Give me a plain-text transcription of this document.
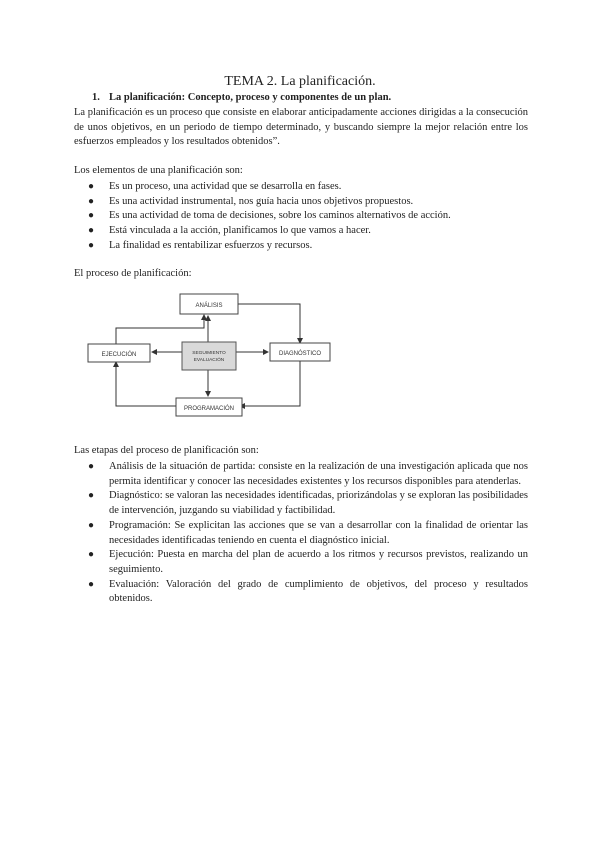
TEMA 2. La planificación.

1. La planificación: Concepto, proceso y componentes de un plan.

La planificación es un proceso que consiste en elaborar anticipadamente acciones dirigidas a la consecución de unos objetivos, en un periodo de tiempo determinado, y buscando siempre la mejor relación entre los esfuerzos empleados y los resultados obtenidos”.

Los elementos de una planificación son:

● Es un proceso, una actividad que se desarrolla en fases.
● Es una actividad instrumental, nos guía hacia unos objetivos propuestos.
● Es una actividad de toma de decisiones, sobre los caminos alternativos de acción.
● Está vinculada a la acción, planificamos lo que vamos a hacer.
● La finalidad es rentabilizar esfuerzos y recursos.

El proceso de planificación:

ANÁLISIS
DIAGNÓSTICO
EJECUCIÓN
PROGRAMACIÓN
SEGUIMIENTO
EVALUACIÓN

Las etapas del proceso de planificación son:

● Análisis de la situación de partida: consiste en la realización de una investigación aplicada que nos permita identificar y conocer las necesidades existentes y los recursos disponibles para atenderlas.
● Diagnóstico: se valoran las necesidades identificadas, priorizándolas y se exploran las posibilidades de intervención, juzgando su viabilidad y factibilidad.
● Programación: Se explicitan las acciones que se van a desarrollar con la finalidad de orientar las necesidades identificadas teniendo en cuenta el diagnóstico inicial.
● Ejecución: Puesta en marcha del plan de acuerdo a los ritmos y recursos previstos, realizando un seguimiento.
● Evaluación: Valoración del grado de cumplimiento de objetivos, del proceso y resultados obtenidos.
